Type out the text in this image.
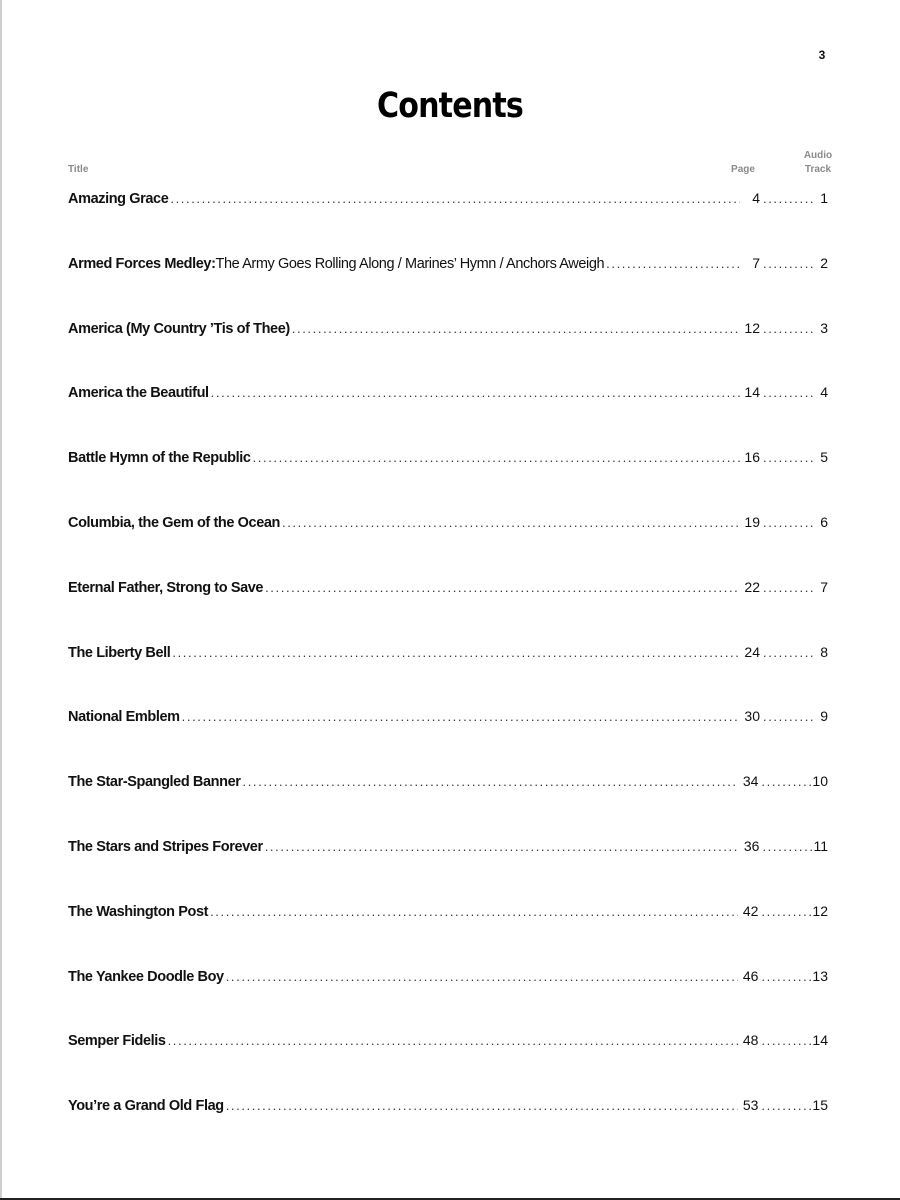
3
Contents
Title	Page
Audio
Track
Amazing Grace .....	4 .....	1
Armed Forces Medley: The Army Goes Rolling Along / Marines’ Hymn / Anchors Aweigh .....	7 .....	2
America (My Country ’Tis of Thee) .....	12 .....	3
America the Beautiful .....	14 .....	4
Battle Hymn of the Republic .....	16 .....	5
Columbia, the Gem of the Ocean .....	19 .....	6
Eternal Father, Strong to Save .....	22 .....	7
The Liberty Bell .....	24 .....	8
National Emblem .....	30 .....	9
The Star-Spangled Banner .....	34 .....	10
The Stars and Stripes Forever .....	36 .....	11
The Washington Post .....	42 .....	12
The Yankee Doodle Boy .....	46 .....	13
Semper Fidelis .....	48 .....	14
You’re a Grand Old Flag .....	53 .....	15
